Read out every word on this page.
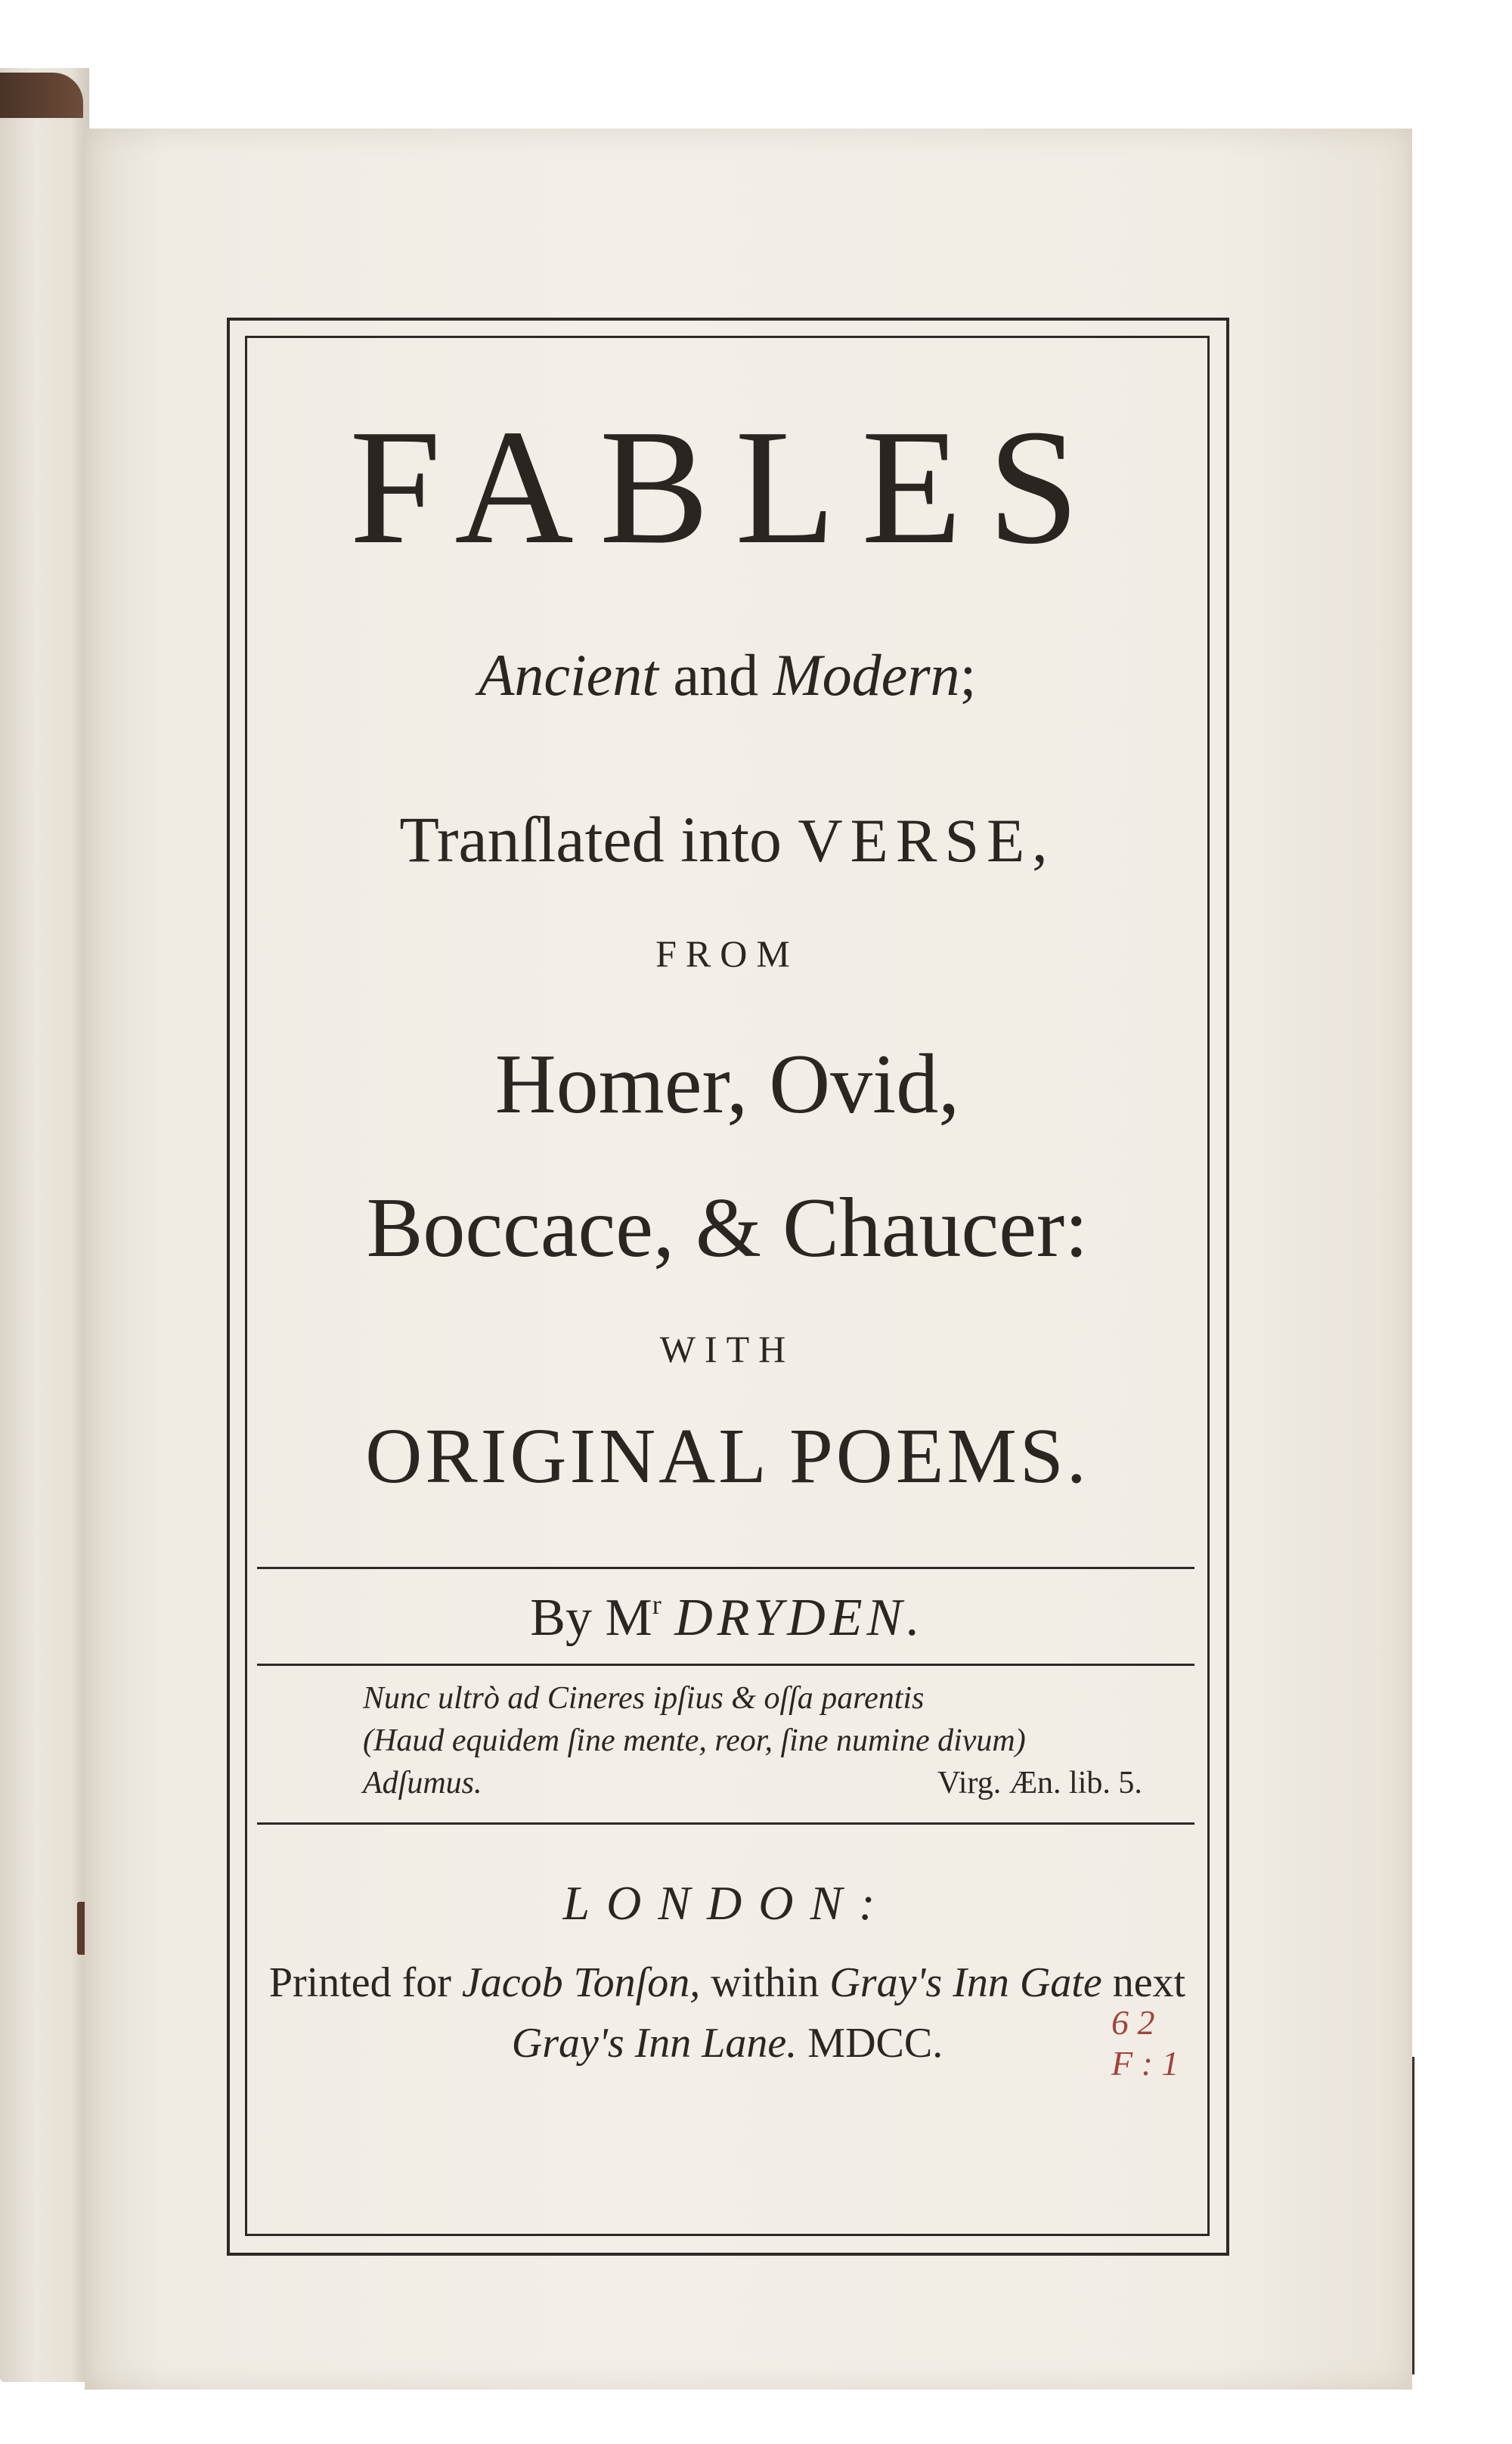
FABLES
Ancient and Modern;
Tranſlated into VERSE,
FROM
Homer, Ovid,
Boccace, & Chaucer:
WITH
ORIGINAL POEMS.
By $M^r$ DRYDEN.
Nunc ultrò ad Cineres ipſius & oſſa parentis
(Haud equidem ſine mente, reor, ſine numine divum)
Adſumus.	Virg. Æn. lib. 5.
LONDON:
Printed for Jacob Tonſon, within Gray's Inn Gate next
Gray's Inn Lane. MDCC.	6 2
F : 1
